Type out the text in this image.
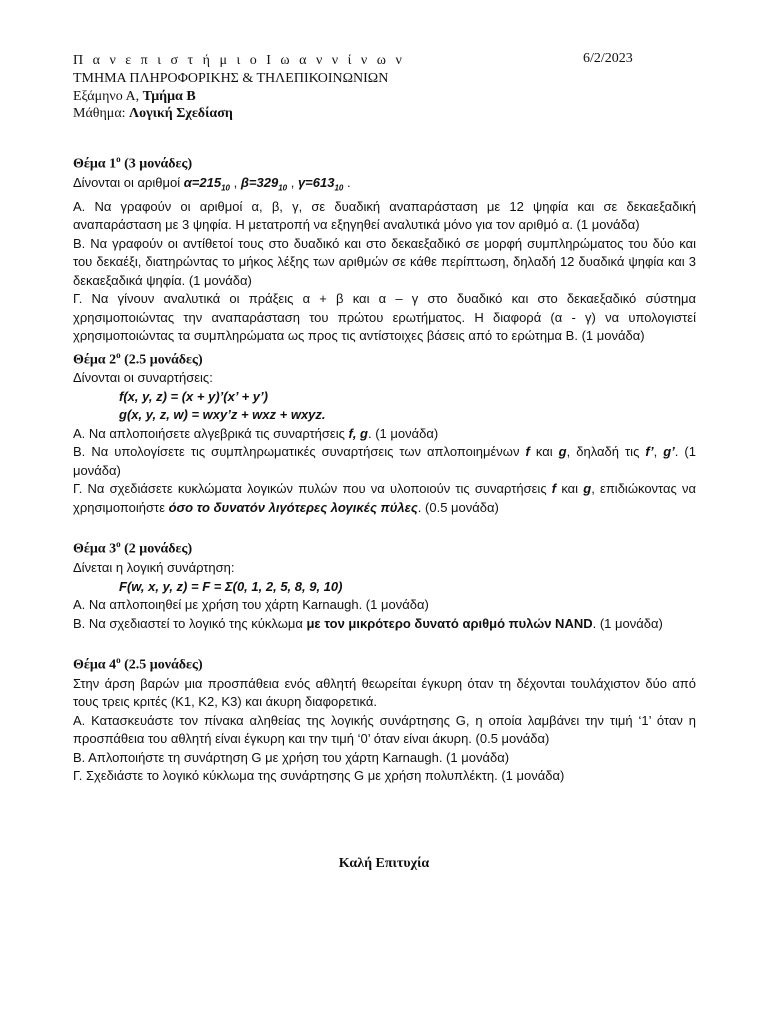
Π α ν ε π ι σ τ ή μ ι ο Ι ω α ν ν ί ν ω ν	6/2/2023
ΤΜΗΜΑ ΠΛΗΡΟΦΟΡΙΚΗΣ & ΤΗΛΕΠΙΚΟΙΝΩΝΙΩΝ
Εξάμηνο Α, Τμήμα Β
Μάθημα: Λογική Σχεδίαση
Θέμα $1^o$ (3 μονάδες)

Δίνονται οι αριθμοί $\alpha=215_{10}$ , $\beta=329_{10}$ , $\gamma=613_{10}$ .

Α. Να γραφούν οι αριθμοί α, β, γ, σε δυαδική αναπαράσταση με 12 ψηφία και σε δεκαεξαδική αναπαράσταση με 3 ψηφία. Η μετατροπή να εξηγηθεί αναλυτικά μόνο για τον αριθμό α. (1 μονάδα)

Β. Να γραφούν οι αντίθετοί τους στο δυαδικό και στο δεκαεξαδικό σε μορφή συμπληρώματος του δύο και του δεκαέξι, διατηρώντας το μήκος λέξης των αριθμών σε κάθε περίπτωση, δηλαδή 12 δυαδικά ψηφία και 3 δεκαεξαδικά ψηφία. (1 μονάδα)

Γ. Να γίνουν αναλυτικά οι πράξεις α + β και α – γ στο δυαδικό και στο δεκαεξαδικό σύστημα χρησιμοποιώντας την αναπαράσταση του πρώτου ερωτήματος. Η διαφορά (α - γ) να υπολογιστεί χρησιμοποιώντας τα συμπληρώματα ως προς τις αντίστοιχες βάσεις από το ερώτημα Β. (1 μονάδα)

Θέμα $2^o$ (2.5 μονάδες)

Δίνονται οι συναρτήσεις:

f(x, y, z) = (x + y)’(x’ + y’)

g(x, y, z, w) = wxy’z + wxz + wxyz.

Α. Να απλοποιήσετε αλγεβρικά τις συναρτήσεις f, g. (1 μονάδα)

Β. Να υπολογίσετε τις συμπληρωματικές συναρτήσεις των απλοποιημένων f και g, δηλαδή τις f’, g’. (1 μονάδα)

Γ. Να σχεδιάσετε κυκλώματα λογικών πυλών που να υλοποιούν τις συναρτήσεις f και g, επιδιώκοντας να χρησιμοποιήστε όσο το δυνατόν λιγότερες λογικές πύλες. (0.5 μονάδα)

Θέμα $3^o$ (2 μονάδες)

Δίνεται η λογική συνάρτηση:

F(w, x, y, z) = F = Σ(0, 1, 2, 5, 8, 9, 10)

Α. Να απλοποιηθεί με χρήση του χάρτη Karnaugh. (1 μονάδα)

Β. Να σχεδιαστεί το λογικό της κύκλωμα με τον μικρότερο δυνατό αριθμό πυλών NAND. (1 μονάδα)

Θέμα $4^o$ (2.5 μονάδες)

Στην άρση βαρών μια προσπάθεια ενός αθλητή θεωρείται έγκυρη όταν τη δέχονται τουλάχιστον δύο από τους τρεις κριτές (Κ1, Κ2, Κ3) και άκυρη διαφορετικά.

Α. Κατασκευάστε τον πίνακα αληθείας της λογικής συνάρτησης G, η οποία λαμβάνει την τιμή ‘1’ όταν η προσπάθεια του αθλητή είναι έγκυρη και την τιμή ‘0’ όταν είναι άκυρη. (0.5 μονάδα)

Β. Απλοποιήστε τη συνάρτηση G με χρήση του χάρτη Karnaugh. (1 μονάδα)

Γ. Σχεδιάστε το λογικό κύκλωμα της συνάρτησης G με χρήση πολυπλέκτη. (1 μονάδα)

Καλή Επιτυχία
